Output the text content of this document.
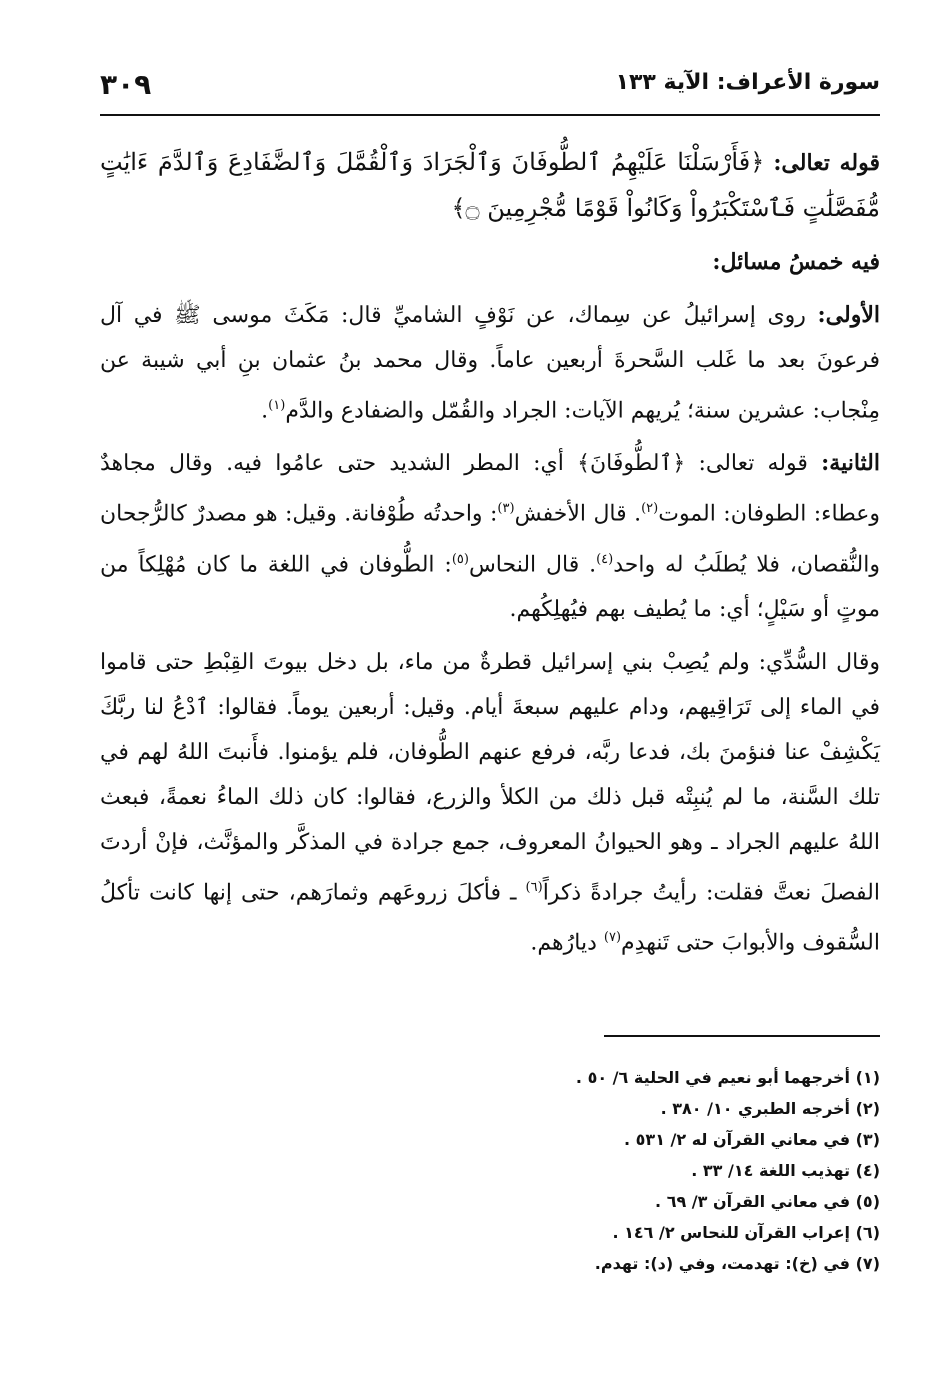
سورة الأعراف: الآية ١٣٣
٣٠٩

قوله تعالى: ﴿فَأَرْسَلْنَا عَلَيْهِمُ ٱلطُّوفَانَ وَٱلْجَرَادَ وَٱلْقُمَّلَ وَٱلضَّفَادِعَ وَٱلدَّمَ ءَايَٰتٍ مُّفَصَّلَٰتٍ فَٱسْتَكْبَرُواْ وَكَانُواْ قَوْمًا مُّجْرِمِينَ ۝﴾

فيه خمسُ مسائل:

الأولى: روى إسرائيلُ عن سِماك، عن نَوْفٍ الشاميِّ قال: مَكَثَ موسى ﷺ في آل فرعونَ بعد ما غَلب السَّحرةَ أربعين عاماً. وقال محمد بنُ عثمان بنِ أبي شيبة عن مِنْجاب: عشرين سنة؛ يُريهم الآيات: الجراد والقُمّل والضفادع والدَّم$^{(١)}$.

الثانية: قوله تعالى: ﴿ٱلطُّوفَانَ﴾ أي: المطر الشديد حتى عامُوا فيه. وقال مجاهدٌ وعطاء: الطوفان: الموت$^{(٢)}$. قال الأخفش$^{(٣)}$: واحدتُه طُوْفانة. وقيل: هو مصدرٌ كالرُّجحان والنُّقصان، فلا يُطلَبُ له واحد$^{(٤)}$. قال النحاس$^{(٥)}$: الطُّوفان في اللغة ما كان مُهْلِكاً من موتٍ أو سَيْلٍ؛ أي: ما يُطيف بهم فيُهلِكُهم.

وقال السُّدِّي: ولم يُصِبْ بني إسرائيل قطرةٌ من ماء، بل دخل بيوتَ القِبْطِ حتى قاموا في الماء إلى تَرَاقِيهم، ودام عليهم سبعةَ أيام. وقيل: أربعين يوماً. فقالوا: ٱدْعُ لنا ربَّكَ يَكْشِفْ عنا فنؤمنَ بك، فدعا ربَّه، فرفع عنهم الطُّوفان، فلم يؤمنوا. فأَنبتَ اللهُ لهم في تلك السَّنة، ما لم يُنبِتْه قبل ذلك من الكلأ والزرع، فقالوا: كان ذلك الماءُ نعمةً، فبعث اللهُ عليهم الجراد ـ وهو الحيوانُ المعروف، جمع جرادة في المذكَّر والمؤنَّث، فإنْ أردتَ الفصلَ نعتَّ فقلت: رأيتُ جرادةً ذكراً$^{(٦)}$ ـ فأكلَ زروعَهم وثمارَهم، حتى إنها كانت تأكلُ السُّقوف والأبوابَ حتى تَنهدِم$^{(٧)}$ ديارُهم.

(١) أخرجهما أبو نعيم في الحلية ٦/ ٥٠ .
(٢) أخرجه الطبري ١٠/ ٣٨٠ .
(٣) في معاني القرآن له ٢/ ٥٣١ .
(٤) تهذيب اللغة ١٤/ ٣٣ .
(٥) في معاني القرآن ٣/ ٦٩ .
(٦) إعراب القرآن للنحاس ٢/ ١٤٦ .
(٧) في (خ): تهدمت، وفي (د): تهدم.
